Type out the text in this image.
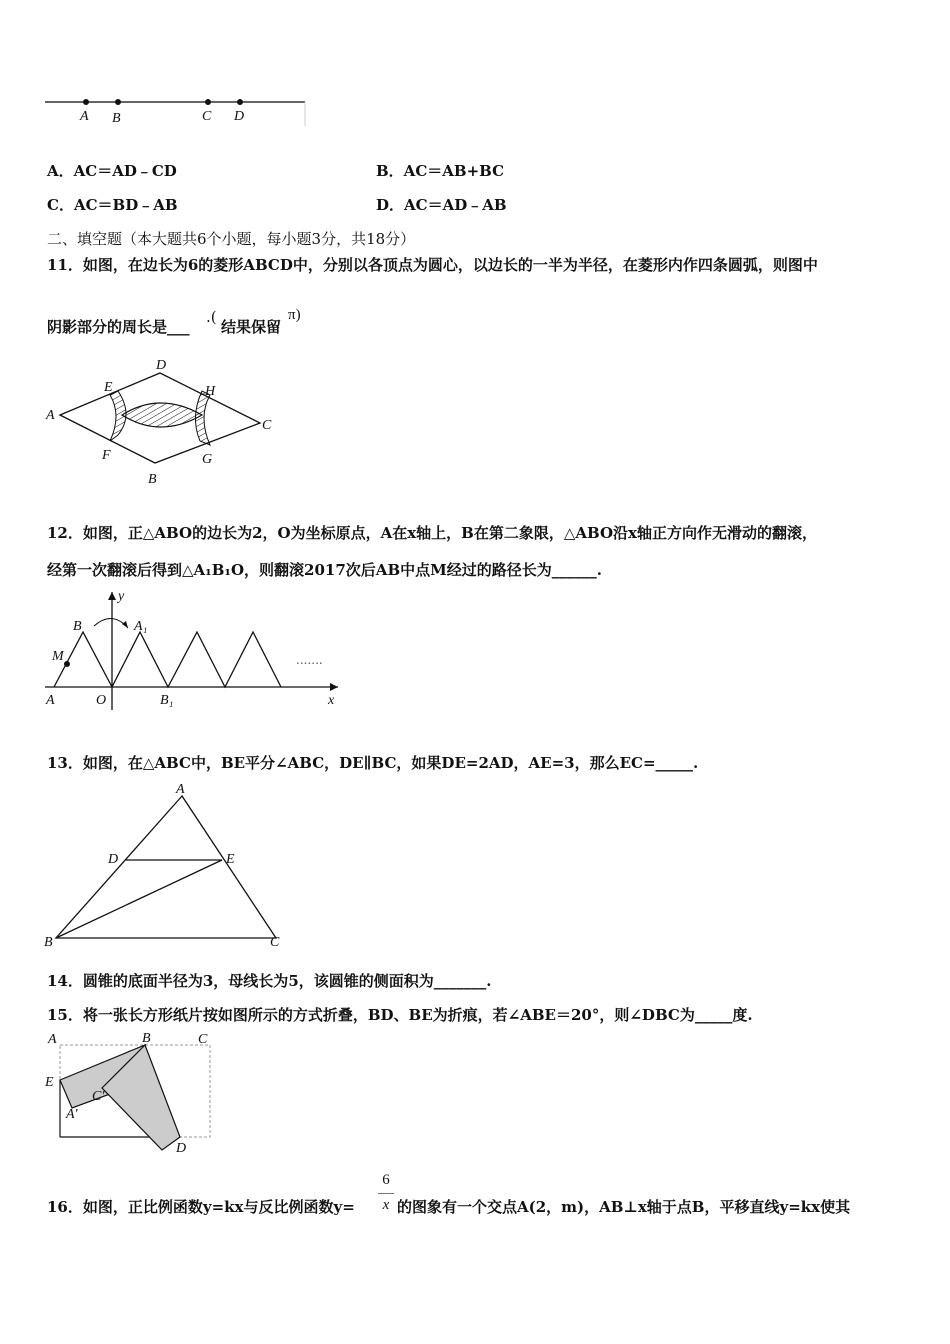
A B	C D
A．AC＝AD﹣CD	B．AC＝AB+BC
C．AC＝BD﹣AB	D．AC＝AD﹣AB
二、填空题（本大题共6个小题，每小题3分，共18分）
11．如图，在边长为6的菱形ABCD中，分别以各顶点为圆心，以边长的一半为半径，在菱形内作四条圆弧，则图中
阴影部分的周长是___
.(
结果保留
π)
D
E	H
A
C
F	G
B
12．如图，正△ABO的边长为2，O为坐标原点，A在x轴上，B在第二象限，△ABO沿x轴正方向作无滑动的翻滚，
经第一次翻滚后得到△A₁B₁O，则翻滚2017次后AB中点M经过的路径长为______.
y
B	A₁
M
A	O	B₁	x
.......
13．如图，在△ABC中，BE平分∠ABC，DE∥BC，如果DE=2AD，AE=3，那么EC=_____.
A
D	E
B	C
14．圆锥的底面半径为3，母线长为5，该圆锥的侧面积为_______.
15．将一张长方形纸片按如图所示的方式折叠，BD、BE为折痕，若∠ABE＝20°，则∠DBC为_____度.
A	B	C
E
C'
A'
D
16．如图，正比例函数y=kx与反比例函数y=
6
x 的图象有一个交点A(2，m)，AB⊥x轴于点B，平移直线y=kx使其
